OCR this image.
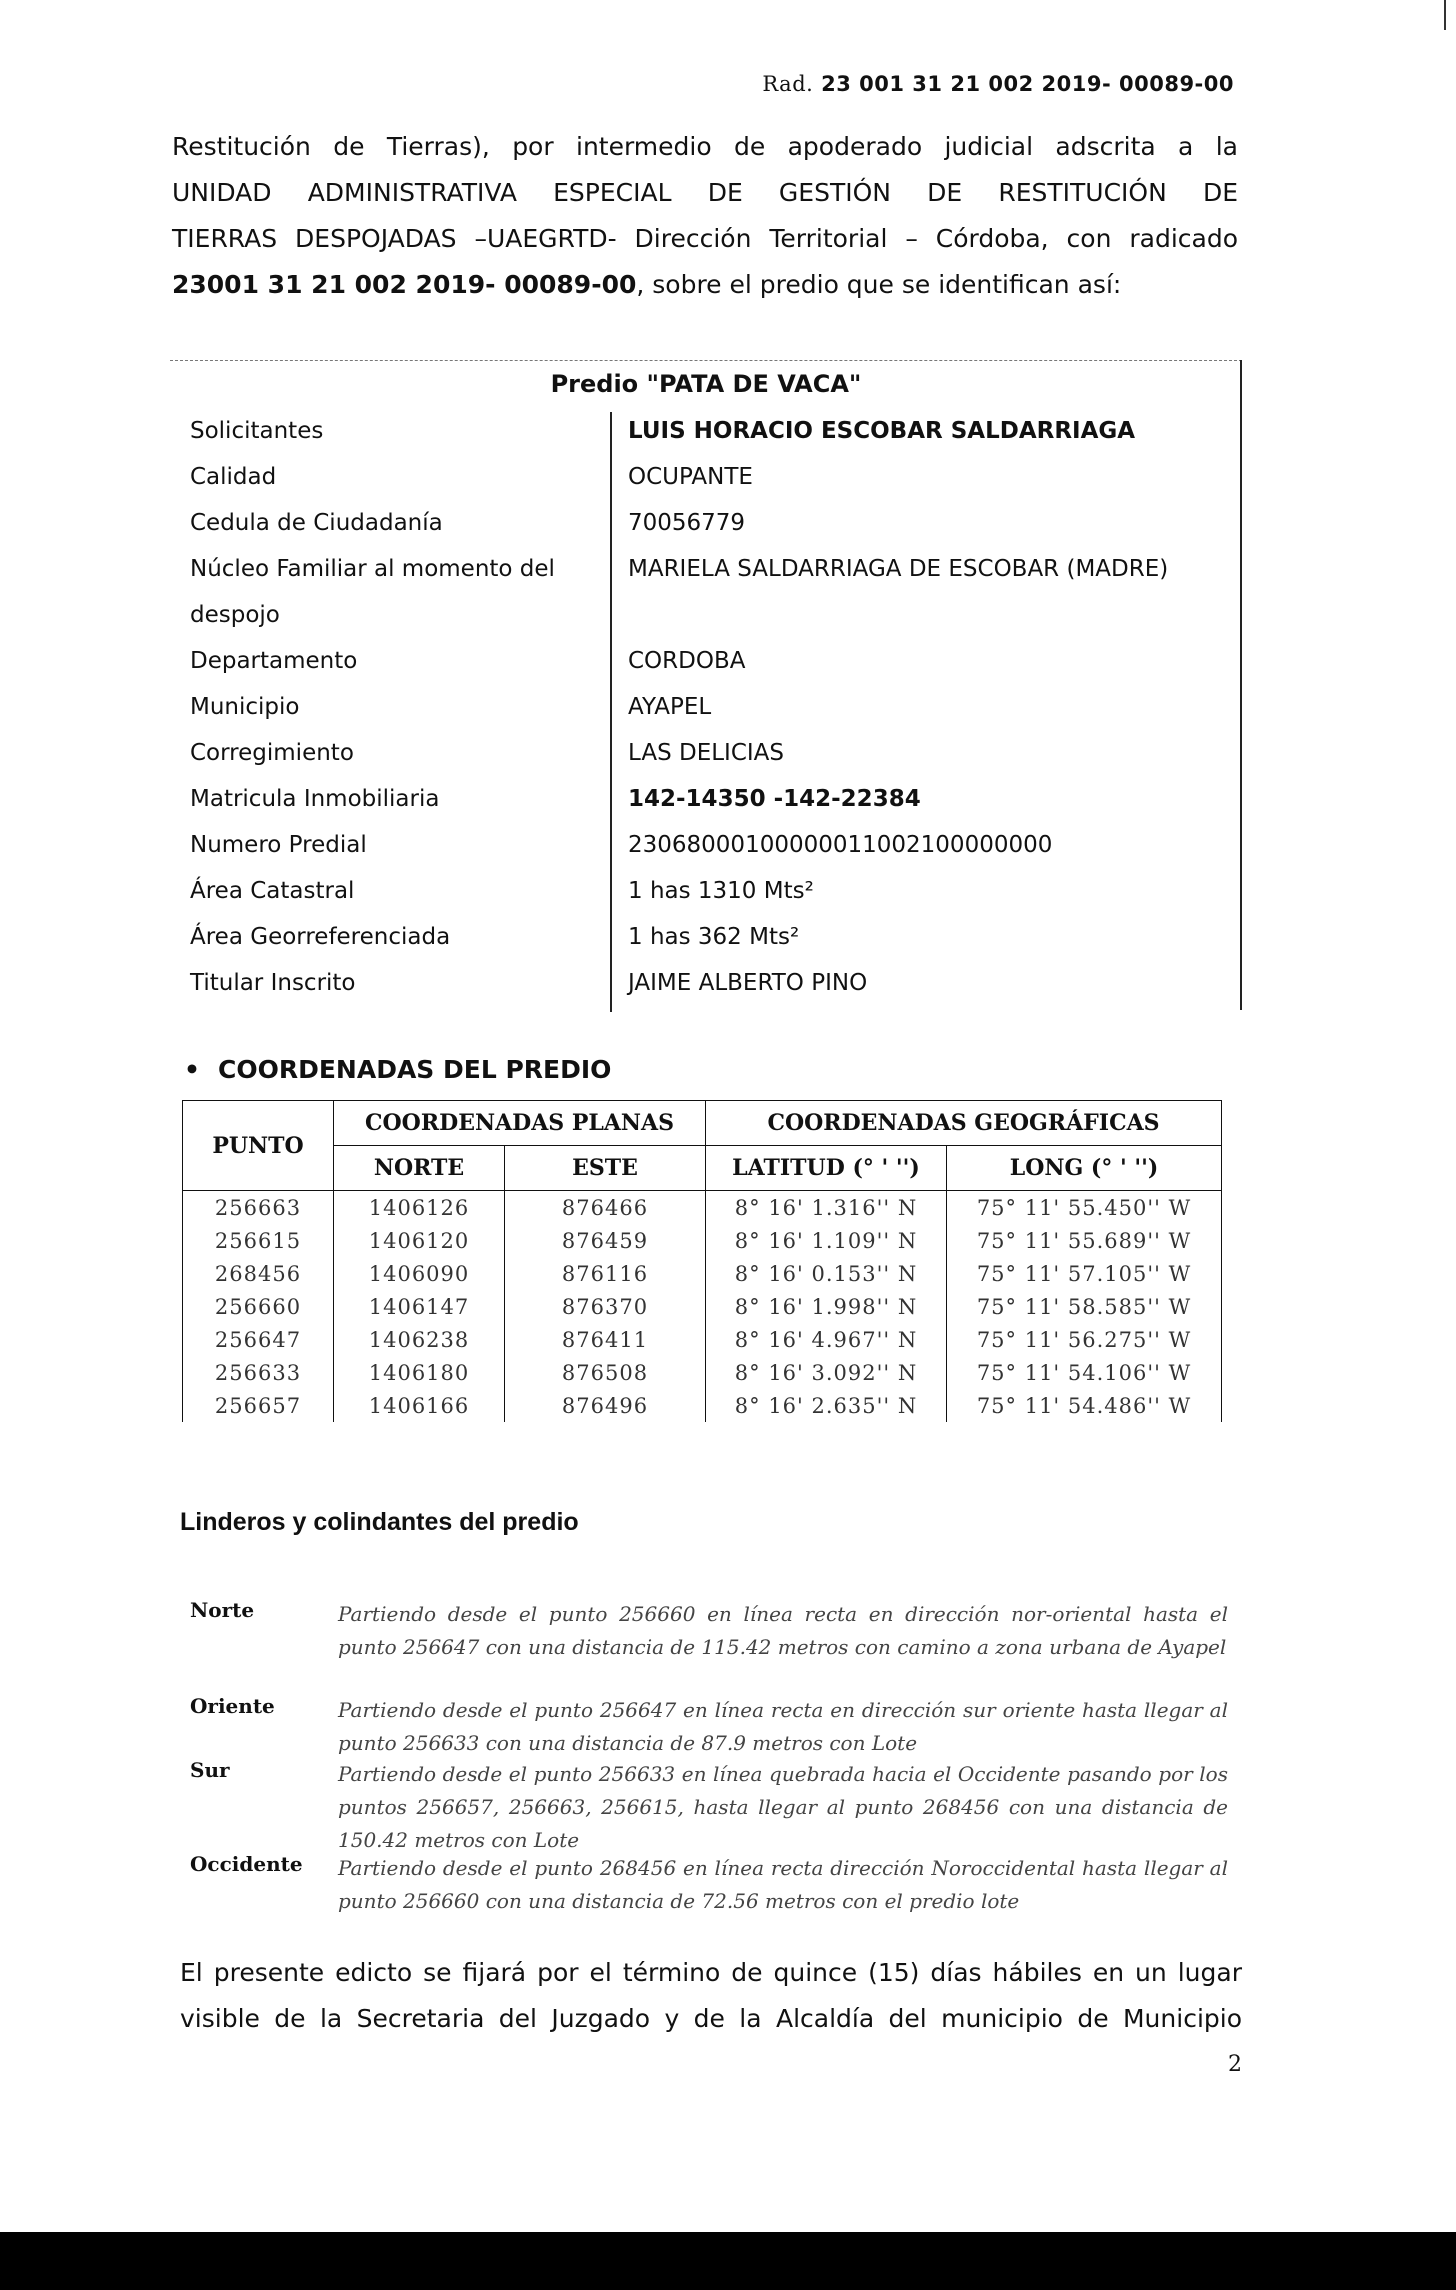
Rad. 23 001 31 21 002 2019- 00089-00
Restitución de Tierras), por intermedio de apoderado judicial adscrita a la
UNIDAD ADMINISTRATIVA ESPECIAL DE GESTIÓN DE RESTITUCIÓN DE
TIERRAS DESPOJADAS –UAEGRTD- Dirección Territorial – Córdoba, con radicado
23001 31 21 002 2019- 00089-00, sobre el predio que se identifican así:
Predio "PATA DE VACA"
Solicitantes	LUIS HORACIO ESCOBAR SALDARRIAGA
Calidad	OCUPANTE
Cedula de Ciudadanía	70056779
Núcleo Familiar al momento del	MARIELA SALDARRIAGA DE ESCOBAR (MADRE)
despojo
Departamento	CORDOBA
Municipio	AYAPEL
Corregimiento	LAS DELICIAS
Matricula Inmobiliaria	142-14350 -142-22384
Numero Predial	23068000100000011002100000000
Área Catastral	1 has 1310 Mts²
Área Georreferenciada	1 has 362 Mts²
Titular Inscrito	JAIME ALBERTO PINO
• COORDENADAS DEL PREDIO
PUNTO	COORDENADAS PLANAS		COORDENADAS GEOGRÁFICAS	
	NORTE	ESTE	LATITUD (° ' '')	LONG (° ' '')
256663	1406126	876466	8° 16' 1.316'' N	75° 11' 55.450'' W
256615	1406120	876459	8° 16' 1.109'' N	75° 11' 55.689'' W
268456	1406090	876116	8° 16' 0.153'' N	75° 11' 57.105'' W
256660	1406147	876370	8° 16' 1.998'' N	75° 11' 58.585'' W
256647	1406238	876411	8° 16' 4.967'' N	75° 11' 56.275'' W
256633	1406180	876508	8° 16' 3.092'' N	75° 11' 54.106'' W
256657	1406166	876496	8° 16' 2.635'' N	75° 11' 54.486'' W
Linderos y colindantes del predio
Norte	Partiendo desde el punto 256660 en línea recta en dirección nor-oriental hasta el punto 256647 con una distancia de 115.42 metros con camino a zona urbana de Ayapel
Oriente	Partiendo desde el punto 256647 en línea recta en dirección sur oriente hasta llegar al punto 256633 con una distancia de 87.9 metros con Lote
Sur	Partiendo desde el punto 256633 en línea quebrada hacia el Occidente pasando por los puntos 256657, 256663, 256615, hasta llegar al punto 268456 con una distancia de 150.42 metros con Lote
Occidente	Partiendo desde el punto 268456 en línea recta dirección Noroccidental hasta llegar al punto 256660 con una distancia de 72.56 metros con el predio lote
El presente edicto se fijará por el término de quince (15) días hábiles en un lugar
visible de la Secretaria del Juzgado y de la Alcaldía del municipio de Municipio
2
